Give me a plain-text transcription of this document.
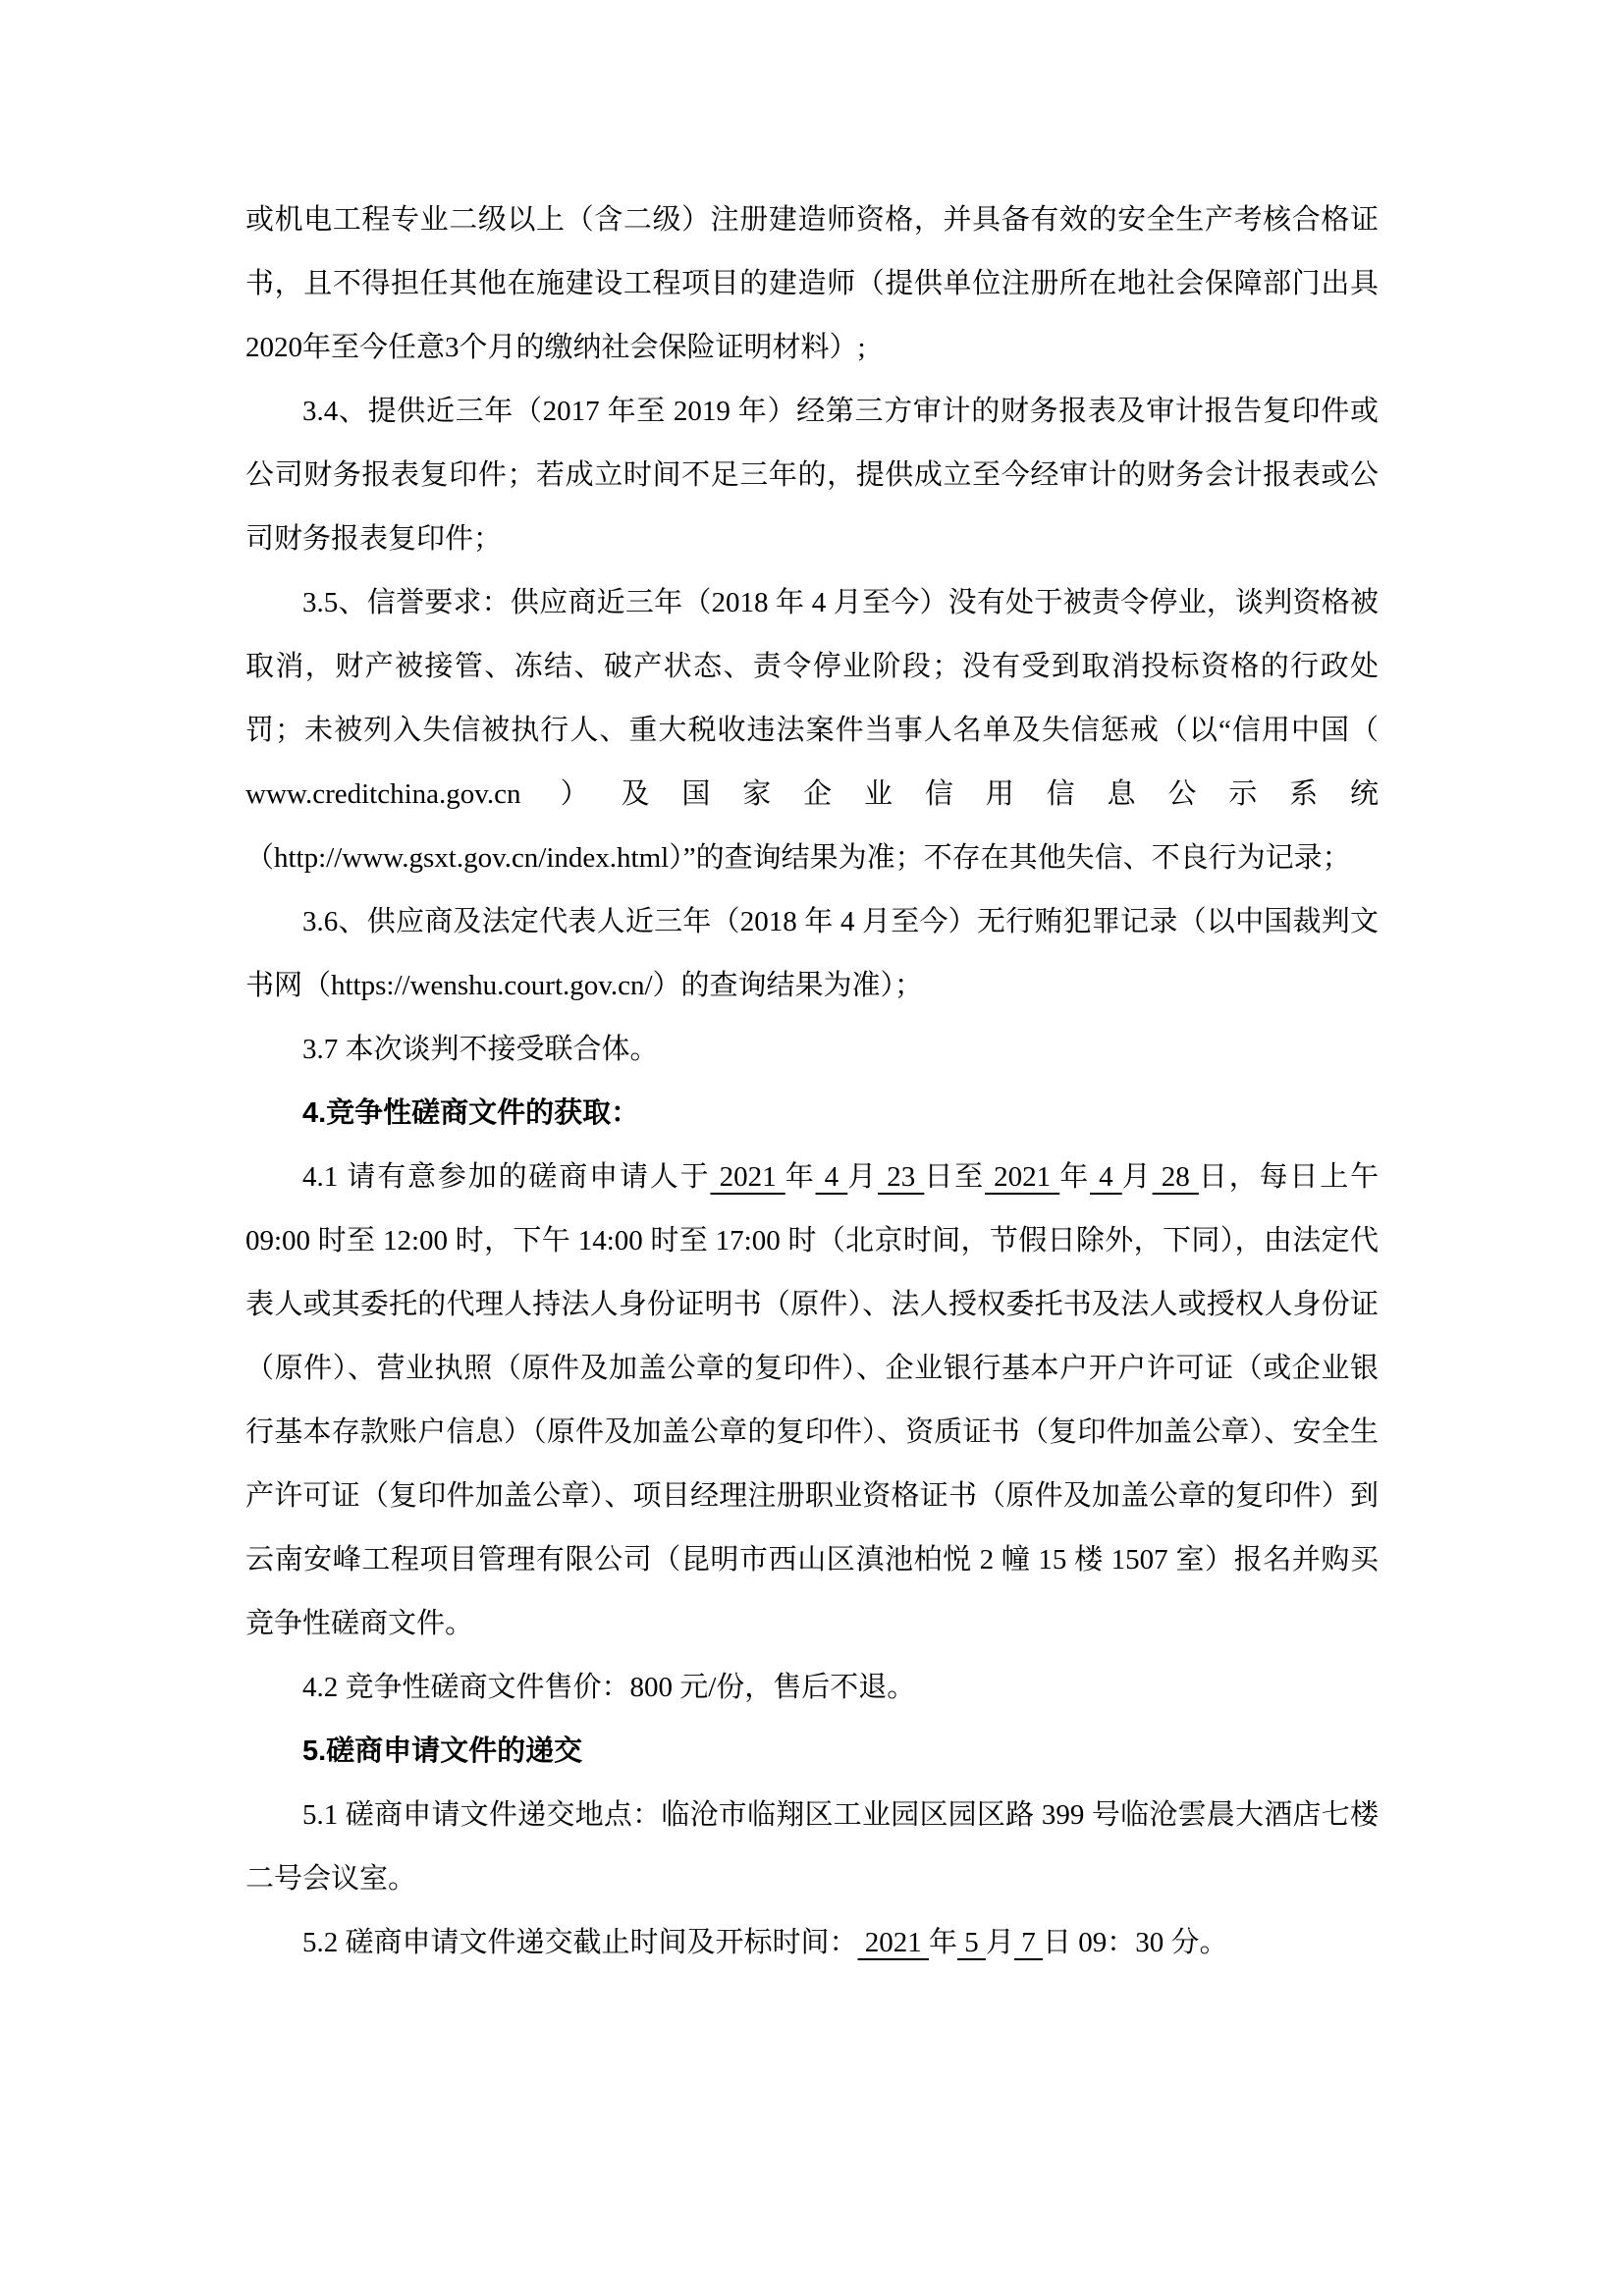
或机电工程专业二级以上（含二级）注册建造师资格，并具备有效的安全生产考核合格证书，且不得担任其他在施建设工程项目的建造师（提供单位注册所在地社会保障部门出具2020年至今任意3个月的缴纳社会保险证明材料）;

3.4、提供近三年（2017 年至 2019 年）经第三方审计的财务报表及审计报告复印件或公司财务报表复印件；若成立时间不足三年的，提供成立至今经审计的财务会计报表或公司财务报表复印件；

3.5、信誉要求：供应商近三年（2018 年 4 月至今）没有处于被责令停业，谈判资格被取消，财产被接管、冻结、破产状态、责令停业阶段；没有受到取消投标资格的行政处罚；未被列入失信被执行人、重大税收违法案件当事人名单及失信惩戒（以“信用中国（ www.creditchina.gov.cn ）及国家企业信用信息公示系统（http://www.gsxt.gov.cn/index.html）”的查询结果为准；不存在其他失信、不良行为记录；

3.6、供应商及法定代表人近三年（2018 年 4 月至今）无行贿犯罪记录（以中国裁判文书网（https://wenshu.court.gov.cn/）的查询结果为准）；

3.7 本次谈判不接受联合体。

4.竞争性磋商文件的获取：

4.1 请有意参加的磋商申请人于 2021 年 4 月 23 日至 2021 年 4 月 28 日，每日上午 09:00 时至 12:00 时，下午 14:00 时至 17:00 时（北京时间，节假日除外，下同），由法定代表人或其委托的代理人持法人身份证明书（原件）、法人授权委托书及法人或授权人身份证（原件）、营业执照（原件及加盖公章的复印件）、企业银行基本户开户许可证（或企业银行基本存款账户信息）（原件及加盖公章的复印件）、资质证书（复印件加盖公章）、安全生产许可证（复印件加盖公章）、项目经理注册职业资格证书（原件及加盖公章的复印件）到云南安峰工程项目管理有限公司（昆明市西山区滇池柏悦 2 幢 15 楼 1507 室）报名并购买竞争性磋商文件。

4.2 竞争性磋商文件售价：800 元/份，售后不退。

5.磋商申请文件的递交

5.1 磋商申请文件递交地点：临沧市临翔区工业园区园区路 399 号临沧雲晨大酒店七楼二号会议室。

5.2 磋商申请文件递交截止时间及开标时间： 2021 年 5 月 7 日 09：30 分。
